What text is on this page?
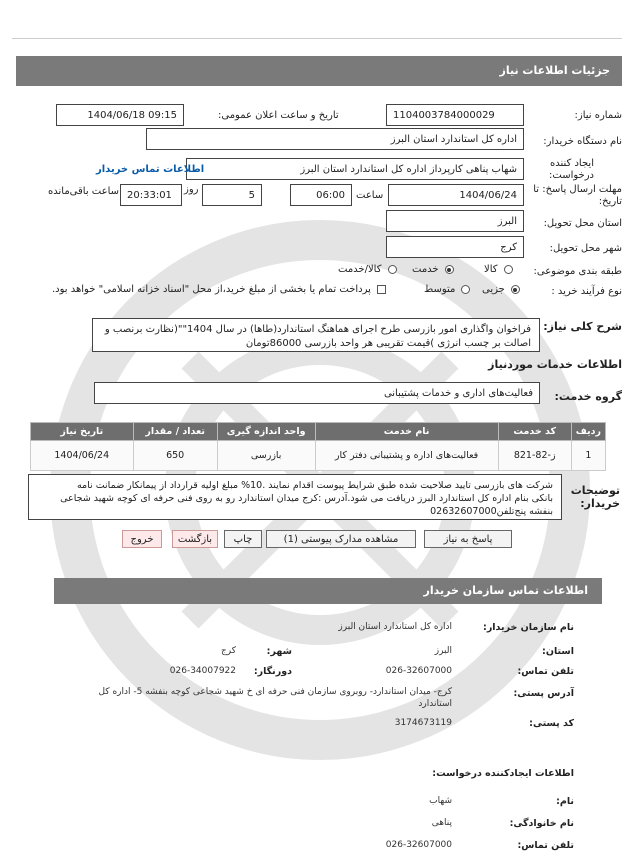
جزئیات اطلاعات نیاز
شماره نیاز:
1104003784000029
تاریخ و ساعت اعلان عمومی:
1404/06/18 09:15
نام دستگاه خریدار:
اداره کل استاندارد استان البرز
ایجاد کننده درخواست:
شهاب پناهی کارپرداز اداره کل استاندارد استان البرز
اطلاعات تماس خریدار
مهلت ارسال پاسخ: تا تاریخ:
1404/06/24
ساعت
06:00
5
روز
20:33:01
ساعت باقی‌مانده
استان محل تحویل:
البرز
شهر محل تحویل:
کرج
طبقه بندی موضوعی:
کالا
خدمت
کالا/خدمت
نوع فرآیند خرید :
جزیی
متوسط
پرداخت تمام یا بخشی از مبلغ خرید،از محل "اسناد خزانه اسلامی" خواهد بود.
شرح کلی نیاز:
فراخوان واگذاری امور بازرسی طرح اجرای هماهنگ استاندارد(طاها) در سال 1404""(نظارت برنصب و
اصالت بر چسب انرژی )قیمت تقریبی هر واحد بازرسی 86000تومان
اطلاعات خدمات موردنیاز
گروه خدمت:
فعالیت‌های اداری و خدمات پشتیبانی
ردیف	کد خدمت	نام خدمت	واحد اندازه گیری	تعداد / مقدار	تاریخ نیاز
1	ز-82-821	فعالیت‌های اداره و پشتیبانی دفتر کار	بازرسی	650	1404/06/24
توضیحات خریدار:
شرکت های بازرسی تایید صلاحیت شده طبق شرایط پیوست اقدام نمایند .10% مبلغ اولیه قرارداد از پیمانکار ضمانت نامه
بانکی بنام اداره کل استاندارد البرز دریافت می شود.آدرس :کرج میدان استاندارد رو به روی فنی حرفه ای کوچه شهید شجاعی
بنفشه پنج‌تلفن02632607000
پاسخ به نیاز
مشاهده مدارک پیوستی (1)
چاپ
بازگشت
خروج
اطلاعات تماس سازمان خریدار
نام سازمان خریدار:
اداره کل استاندارد استان البرز
استان:
البرز
شهر:
کرج
تلفن تماس:
026-32607000
دورنگار:
026-34007922
آدرس پستی:
کرج- میدان استاندارد- روبروی سازمان فنی حرفه ای خ شهید شجاعی کوچه بنفشه 5- اداره کل
استاندارد
کد پستی:
3174673119
اطلاعات ایجادکننده درخواست:
نام:
شهاب
نام خانوادگی:
پناهی
تلفن تماس:
026-32607000
